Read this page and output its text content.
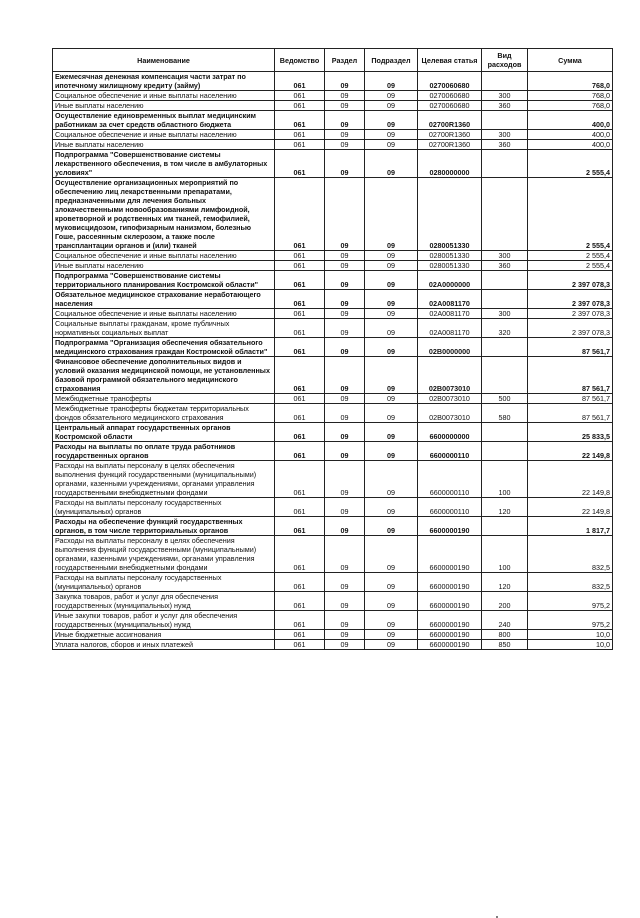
Наименование	Ведомство	Раздел	Подраздел	Целевая статья	Вид расходов	Сумма
Ежемесячная денежная компенсация части затрат по ипотечному жилищному кредиту (займу)	061	09	09	0270060680		768,0
Социальное обеспечение и иные выплаты населению	061	09	09	0270060680	300	768,0
Иные выплаты населению	061	09	09	0270060680	360	768,0
Осуществление единовременных выплат медицинским работникам за счет средств областного бюджета	061	09	09	02700R1360		400,0
Социальное обеспечение и иные выплаты населению	061	09	09	02700R1360	300	400,0
Иные выплаты населению	061	09	09	02700R1360	360	400,0
Подпрограмма "Совершенствование системы лекарственного обеспечения, в том числе в амбулаторных условиях"	061	09	09	0280000000		2 555,4
Осуществление организационных мероприятий по обеспечению лиц лекарственными препаратами, предназначенными для лечения больных злокачественными новообразованиями лимфоидной, кроветворной и родственных им тканей, гемофилией, муковисцидозом, гипофизарным нанизмом, болезнью Гоше, рассеянным склерозом, а также после трансплантации органов и (или) тканей	061	09	09	0280051330		2 555,4
Социальное обеспечение и иные выплаты населению	061	09	09	0280051330	300	2 555,4
Иные выплаты населению	061	09	09	0280051330	360	2 555,4
Подпрограмма "Совершенствование системы территориального планирования Костромской области"	061	09	09	02А0000000		2 397 078,3
Обязательное медицинское страхование неработающего населения	061	09	09	02А0081170		2 397 078,3
Социальное обеспечение и иные выплаты населению	061	09	09	02А0081170	300	2 397 078,3
Социальные выплаты гражданам, кроме публичных нормативных социальных выплат	061	09	09	02А0081170	320	2 397 078,3
Подпрограмма "Организация обеспечения обязательного медицинского страхования граждан Костромской области"	061	09	09	02В0000000		87 561,7
Финансовое обеспечение дополнительных видов и условий оказания медицинской помощи, не установленных базовой программой обязательного медицинского страхования	061	09	09	02В0073010		87 561,7
Межбюджетные трансферты	061	09	09	02В0073010	500	87 561,7
Межбюджетные трансферты бюджетам территориальных фондов обязательного медицинского страхования	061	09	09	02В0073010	580	87 561,7
Центральный аппарат государственных органов Костромской области	061	09	09	6600000000		25 833,5
Расходы на выплаты по оплате труда работников государственных органов	061	09	09	6600000110		22 149,8
Расходы на выплаты персоналу в целях обеспечения выполнения функций государственными (муниципальными) органами, казенными учреждениями, органами управления государственными внебюджетными фондами	061	09	09	6600000110	100	22 149,8
Расходы на выплаты персоналу государственных (муниципальных) органов	061	09	09	6600000110	120	22 149,8
Расходы на обеспечение функций государственных органов, в том числе территориальных органов	061	09	09	6600000190		1 817,7
Расходы на выплаты персоналу в целях обеспечения выполнения функций государственными (муниципальными) органами, казенными учреждениями, органами управления государственными внебюджетными фондами	061	09	09	6600000190	100	832,5
Расходы на выплаты персоналу государственных (муниципальных) органов	061	09	09	6600000190	120	832,5
Закупка товаров, работ и услуг для обеспечения государственных (муниципальных) нужд	061	09	09	6600000190	200	975,2
Иные закупки товаров, работ и услуг для обеспечения государственных (муниципальных) нужд	061	09	09	6600000190	240	975,2
Иные бюджетные ассигнования	061	09	09	6600000190	800	10,0
Уплата налогов, сборов и иных платежей	061	09	09	6600000190	850	10,0
